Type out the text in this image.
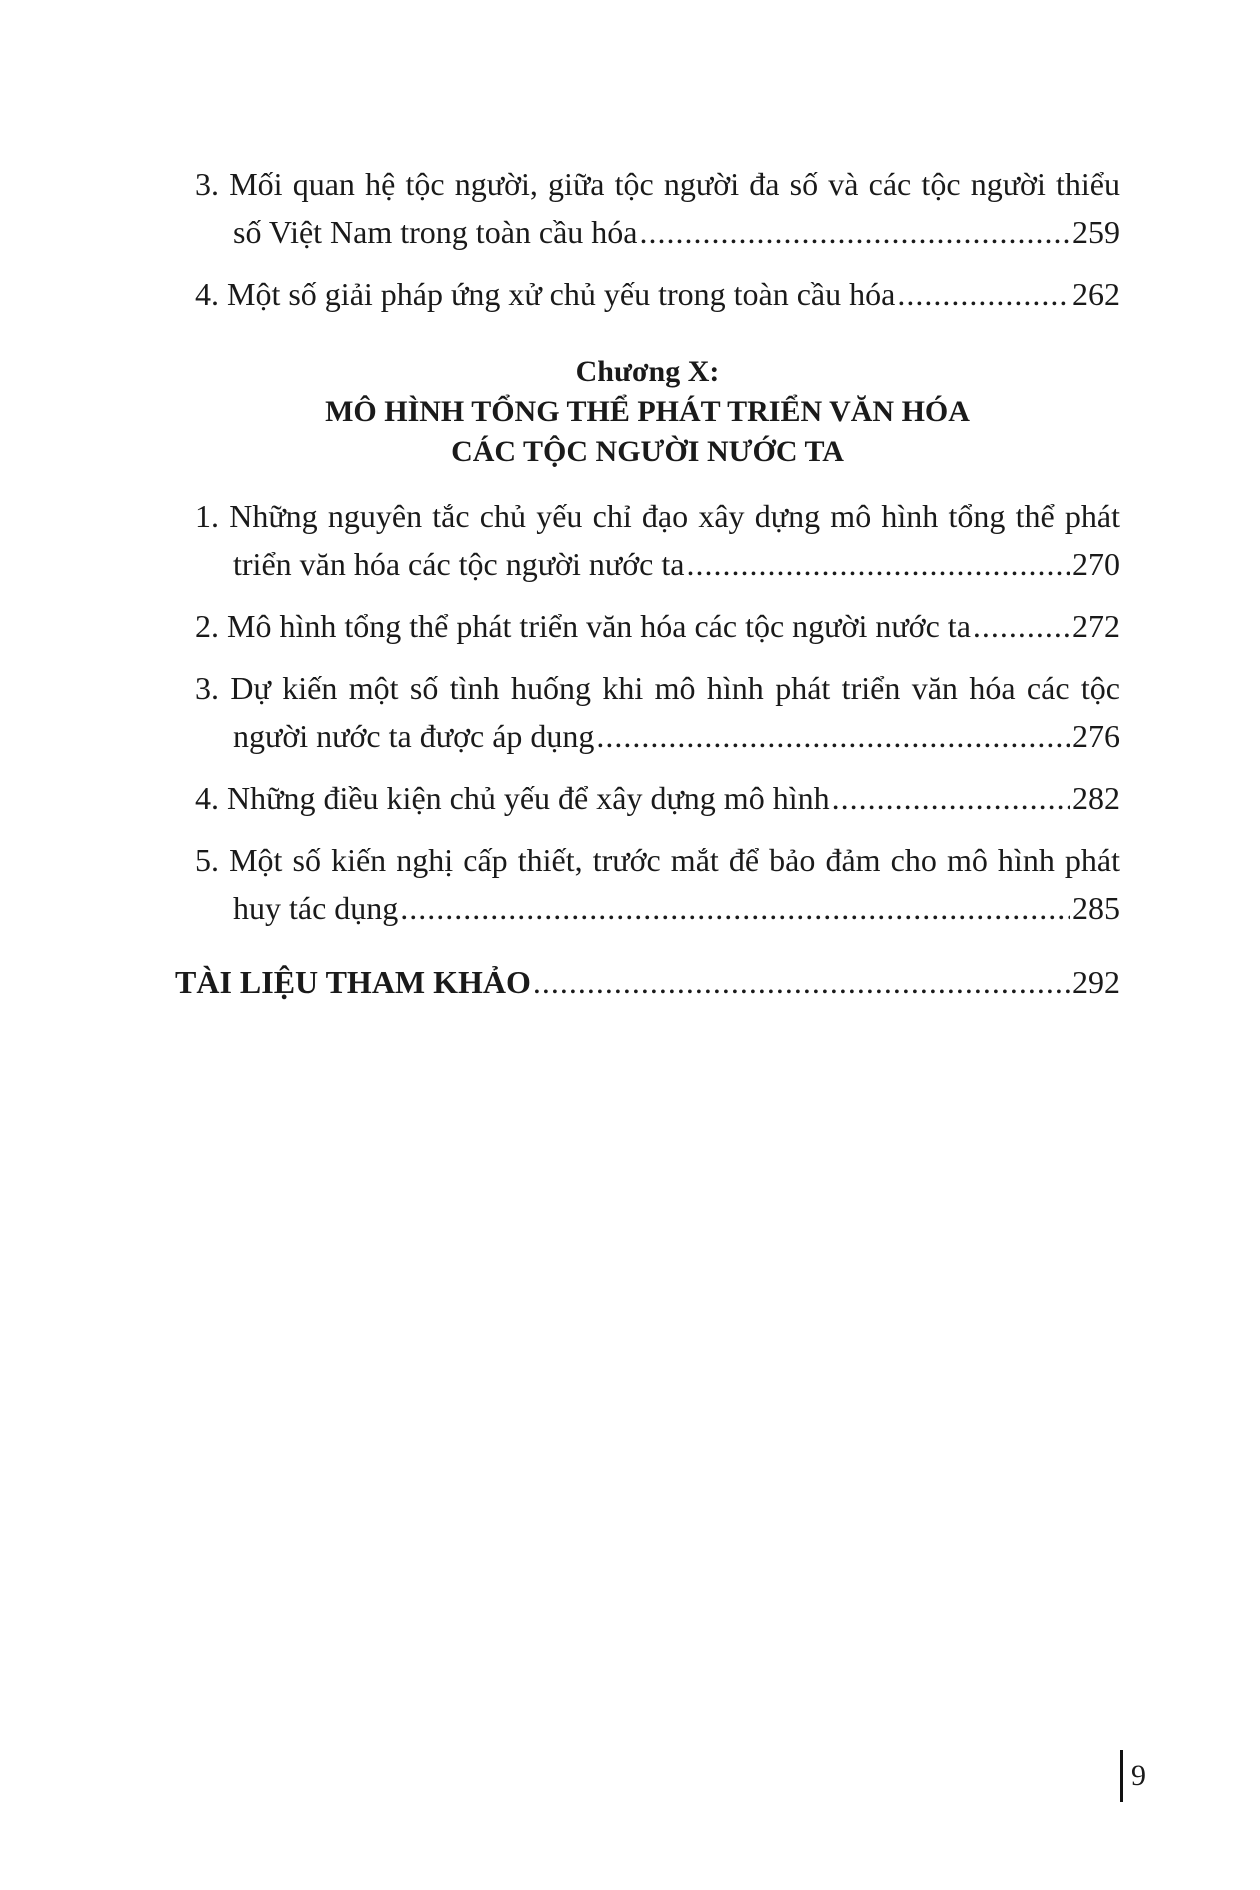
3. Mối quan hệ tộc người, giữa tộc người đa số và các tộc người thiểu
số Việt Nam trong toàn cầu hóa .....	259
4. Một số giải pháp ứng xử chủ yếu trong toàn cầu hóa .....	262
Chương X:
MÔ HÌNH TỔNG THỂ PHÁT TRIỂN VĂN HÓA
CÁC TỘC NGƯỜI NƯỚC TA
1. Những nguyên tắc chủ yếu chỉ đạo xây dựng mô hình tổng thể phát
triển văn hóa các tộc người nước ta .....	270
2. Mô hình tổng thể phát triển văn hóa các tộc người nước ta .....	272
3. Dự kiến một số tình huống khi mô hình phát triển văn hóa các tộc
người nước ta được áp dụng .....	276
4. Những điều kiện chủ yếu để xây dựng mô hình .....	282
5. Một số kiến nghị cấp thiết, trước mắt để bảo đảm cho mô hình phát
huy tác dụng .....	285
TÀI LIỆU THAM KHẢO .....	292
9
